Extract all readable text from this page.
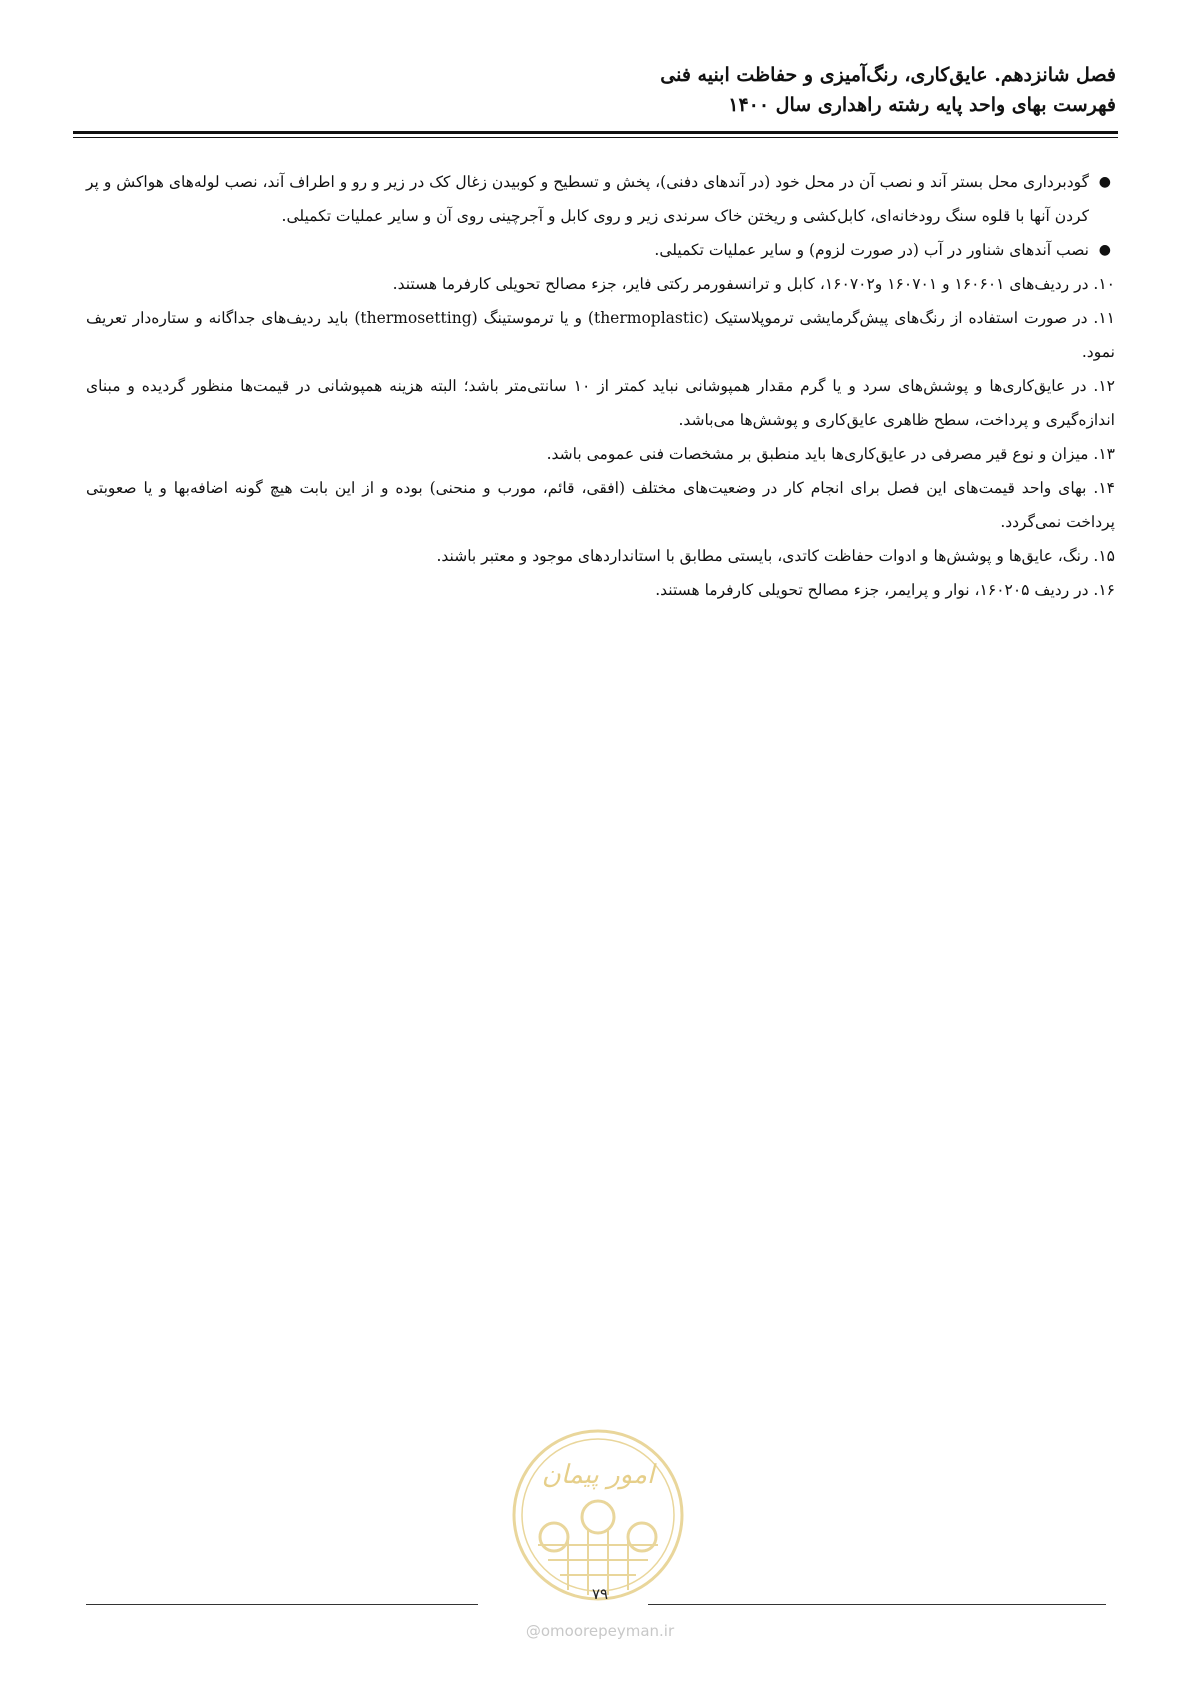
فصل شانزدهم. عایق‌کاری، رنگ‌آمیزی و حفاظت ابنیه فنی
فهرست بهای واحد پایه رشته راهداری سال ۱۴۰۰
●
گودبرداری محل بستر آند و نصب آن در محل خود (در آندهای دفنی)، پخش و تسطیح و کوبیدن زغال کک در زیر و رو و اطراف آند، نصب لوله‌های هواکش و پر کردن آنها با قلوه سنگ رودخانه‌ای، کابل‌کشی و ریختن خاک سرندی زیر و روی کابل و آجرچینی روی آن و سایر عملیات تکمیلی.
●
نصب آندهای شناور در آب (در صورت لزوم) و سایر عملیات تکمیلی.

۱۰. در ردیف‌های ۱۶۰۶۰۱ و ۱۶۰۷۰۱ و۱۶۰۷۰۲، کابل و ترانسفورمر رکتی فایر، جزء مصالح تحویلی کارفرما هستند.

۱۱. در صورت استفاده از رنگ‌های پیش‌گرمایشی ترموپلاستیک (thermoplastic) و یا ترموستینگ (thermosetting) باید ردیف‌های جداگانه و ستاره‌دار تعریف نمود.

۱۲. در عایق‌کاری‌ها و پوشش‌های سرد و یا گرم مقدار همپوشانی نباید کمتر از ۱۰ سانتی‌متر باشد؛ البته هزینه همپوشانی در قیمت‌ها منظور گردیده و مبنای اندازه‌گیری و پرداخت، سطح ظاهری عایق‌کاری و پوشش‌ها می‌باشد.

۱۳. میزان و نوع قیر مصرفی در عایق‌کاری‌ها باید منطبق بر مشخصات فنی عمومی باشد.

۱۴. بهای واحد قیمت‌های این فصل برای انجام کار در وضعیت‌های مختلف (افقی، قائم، مورب و منحنی) بوده و از این بابت هیچ گونه اضافه‌بها و یا صعوبتی پرداخت نمی‌گردد.

۱۵. رنگ، عایق‌ها و پوشش‌ها و ادوات حفاظت کاتدی، بایستی مطابق با استانداردهای موجود و معتبر باشند.

۱۶. در ردیف ۱۶۰۲۰۵، نوار و پرایمر، جزء مصالح تحویلی کارفرما هستند.

امور پیمان
۷۹
@omoorepeyman.ir
